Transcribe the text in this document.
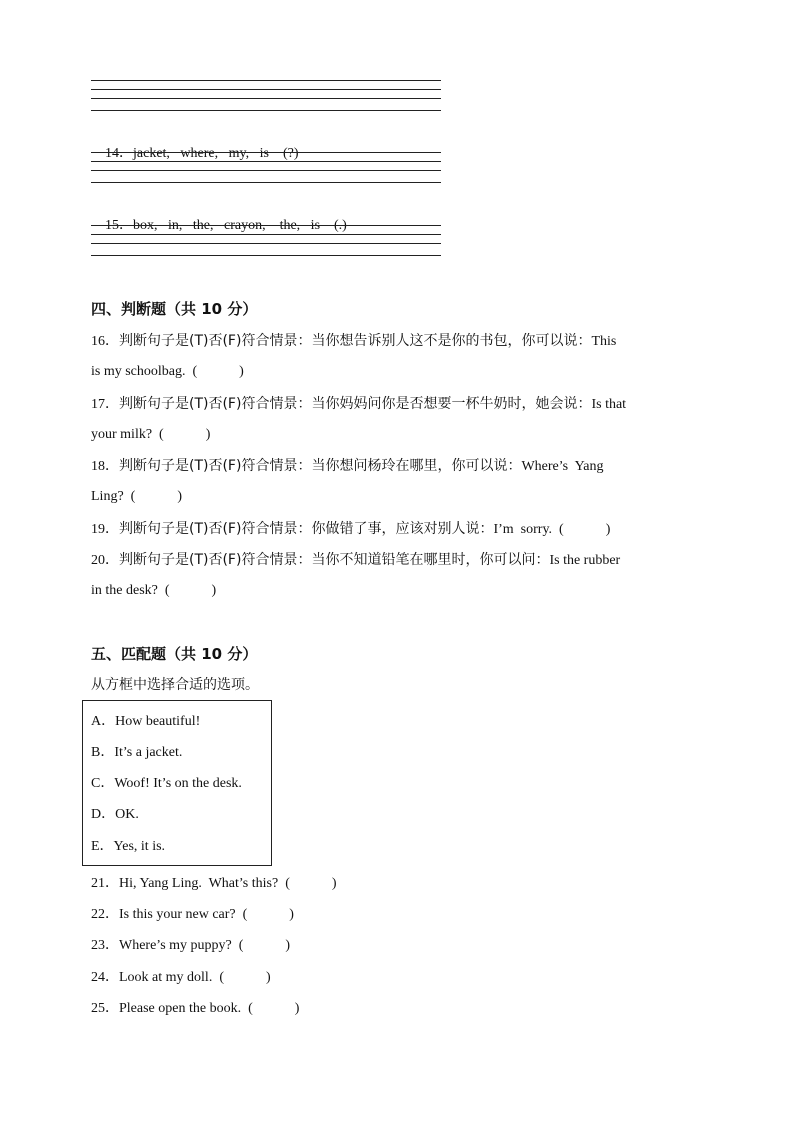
14．jacket,   where,   my,   is    (?)

15．box,   in,   the,   crayon,    the,   is    (.)

四、判断题（共 10 分）
16．判断句子是(T)否(F)符合情景：当你想告诉别人这不是你的书包，你可以说：This
is my schoolbag.  (            )
17．判断句子是(T)否(F)符合情景：当你妈妈问你是否想要一杯牛奶时，她会说：Is that
your milk?  (            )
18．判断句子是(T)否(F)符合情景：当你想问杨玲在哪里，你可以说：Where’s  Yang
Ling?  (            )
19．判断句子是(T)否(F)符合情景：你做错了事，应该对别人说：I’m  sorry.  (            )
20．判断句子是(T)否(F)符合情景：当你不知道铅笔在哪里时，你可以问：Is the rubber
in the desk?  (            )
五、匹配题（共 10 分）
从方框中选择合适的选项。
A．How beautiful!
B．It’s a jacket.
C．Woof! It’s on the desk.
D．OK.
E．Yes, it is.
21．Hi, Yang Ling.  What’s this?  (            )
22．Is this your new car?  (            )
23．Where’s my puppy?  (            )
24．Look at my doll.  (            )
25．Please open the book.  (            )
